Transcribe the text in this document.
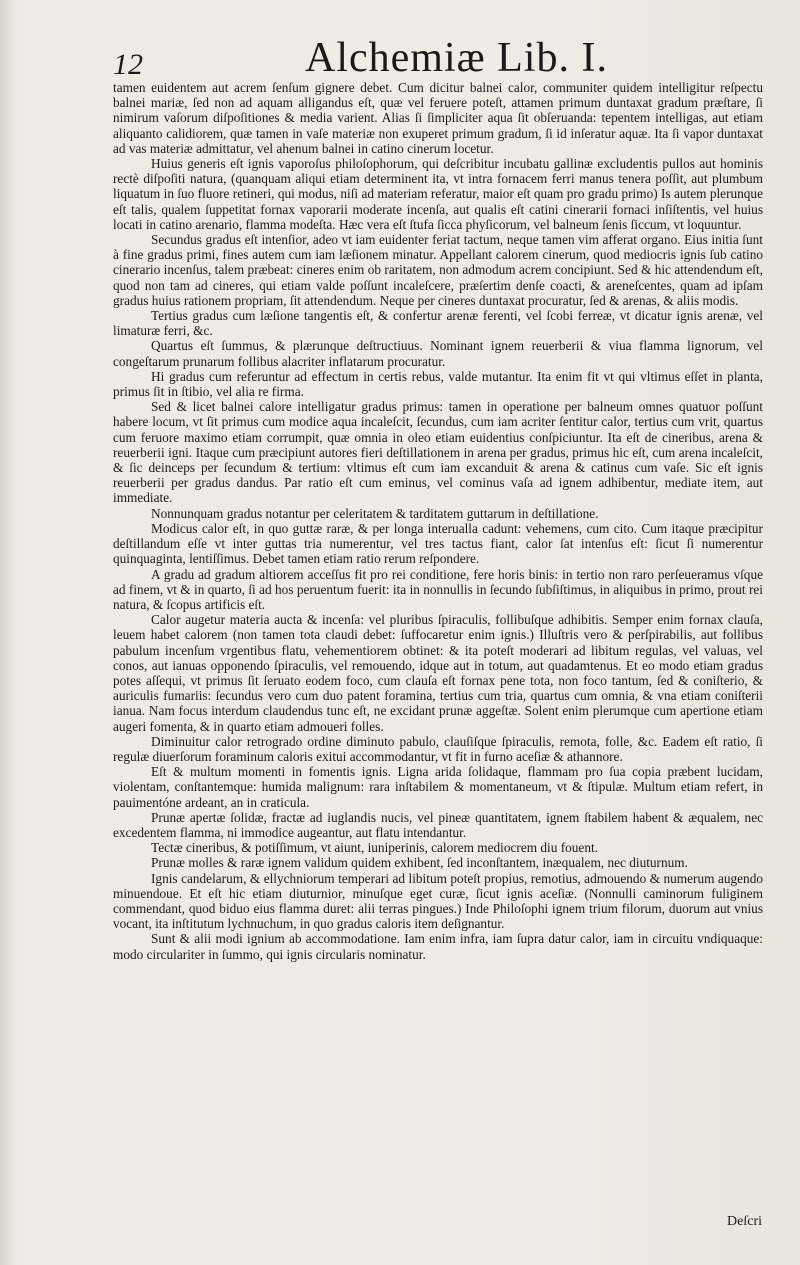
12	Alchemiæ Lib. I.

tamen euidentem aut acrem ſenſum gignere debet. Cum dicitur balnei calor, communiter quidem intelligitur reſpectu balnei mariæ, ſed non ad aquam alligandus eſt, quæ vel feruere poteſt, attamen primum duntaxat gradum præſtare, ſi nimirum vaſorum diſpoſitiones & media varient. Alias ſi ſimpliciter aqua ſit obſeruanda: tepentem intelligas, aut etiam aliquanto calidiorem, quæ tamen in vaſe materiæ non exuperet primum gradum, ſi id inſeratur aquæ. Ita ſi vapor duntaxat ad vas materiæ admittatur, vel ahenum balnei in catino cinerum locetur.

Huius generis eſt ignis vaporoſus philoſophorum, qui deſcribitur incubatu gallinæ excludentis pullos aut hominis rectè diſpoſiti natura, (quanquam aliqui etiam determinent ita, vt intra fornacem ferri manus tenera poſſit, aut plumbum liquatum in ſuo fluore retineri, qui modus, niſi ad materiam referatur, maior eſt quam pro gradu primo) Is autem plerunque eſt talis, qualem ſuppetitat fornax vaporarii moderate incenſa, aut qualis eſt catini cinerarii fornaci inſiſtentis, vel huius locati in catino arenario, flamma modeſta. Hæc vera eſt ſtufa ſicca phyſicorum, vel balneum ſenis ſiccum, vt loquuntur.

Secundus gradus eſt intenſior, adeo vt iam euidenter feriat tactum, neque tamen vim afferat organo. Eius initia ſunt à fine gradus primi, fines autem cum iam læſionem minatur. Appellant calorem cinerum, quod mediocris ignis ſub catino cinerario incenſus, talem præbeat: cineres enim ob raritatem, non admodum acrem concipiunt. Sed & hic attendendum eſt, quod non tam ad cineres, qui etiam valde poſſunt incaleſcere, præſertim denſe coacti, & areneſcentes, quam ad ipſam gradus huius rationem propriam, ſit attendendum. Neque per cineres duntaxat procuratur, ſed & arenas, & aliis modis.

Tertius gradus cum læſione tangentis eſt, & confertur arenæ ferenti, vel ſcobi ferreæ, vt dicatur ignis arenæ, vel limaturæ ferri, &c.

Quartus eſt ſummus, & plærunque deſtructiuus. Nominant ignem reuerberii & viua flamma lignorum, vel congeſtarum prunarum follibus alacriter inflatarum procuratur.

Hi gradus cum referuntur ad effectum in certis rebus, valde mutantur. Ita enim fit vt qui vltimus eſſet in planta, primus ſit in ſtibio, vel alia re firma.

Sed & licet balnei calore intelligatur gradus primus: tamen in operatione per balneum omnes quatuor poſſunt habere locum, vt ſit primus cum modice aqua incaleſcit, ſecundus, cum iam acriter ſentitur calor, tertius cum vrit, quartus cum feruore maximo etiam corrumpit, quæ omnia in oleo etiam euidentius conſpiciuntur. Ita eſt de cineribus, arena & reuerberii igni. Itaque cum præcipiunt autores fieri deſtillationem in arena per gradus, primus hic eſt, cum arena incaleſcit, & ſic deinceps per ſecundum & tertium: vltimus eſt cum iam excanduit & arena & catinus cum vaſe. Sic eſt ignis reuerberii per gradus dandus. Par ratio eſt cum eminus, vel cominus vaſa ad ignem adhibentur, mediate item, aut immediate.

Nonnunquam gradus notantur per celeritatem & tarditatem guttarum in deſtillatione.

Modicus calor eſt, in quo guttæ raræ, & per longa interualla cadunt: vehemens, cum cito. Cum itaque præcipitur deſtillandum eſſe vt inter guttas tria numerentur, vel tres tactus fiant, calor ſat intenſus eſt: ſicut ſi numerentur quinquaginta, lentiſſimus. Debet tamen etiam ratio rerum reſpondere.

A gradu ad gradum altiorem acceſſus fit pro rei conditione, fere horis binis: in tertio non raro perſeueramus vſque ad finem, vt & in quarto, ſi ad hos peruentum fuerit: ita in nonnullis in ſecundo ſubſiſtimus, in aliquibus in primo, prout rei natura, & ſcopus artificis eſt.

Calor augetur materia aucta & incenſa: vel pluribus ſpiraculis, follibuſque adhibitis. Semper enim fornax clauſa, leuem habet calorem (non tamen tota claudi debet: ſuffocaretur enim ignis.) Illuſtris vero & perſpirabilis, aut follibus pabulum incenſum vrgentibus flatu, vehementiorem obtinet: & ita poteſt moderari ad libitum regulas, vel valuas, vel conos, aut ianuas opponendo ſpiraculis, vel remouendo, idque aut in totum, aut quadamtenus. Et eo modo etiam gradus potes aſſequi, vt primus ſit ſeruato eodem foco, cum clauſa eſt fornax pene tota, non foco tantum, ſed & coniſterio, & auriculis fumariis: ſecundus vero cum duo patent foramina, tertius cum tria, quartus cum omnia, & vna etiam coniſterii ianua. Nam focus interdum claudendus tunc eſt, ne excidant prunæ aggeſtæ. Solent enim plerumque cum apertione etiam augeri fomenta, & in quarto etiam admoueri folles.

Diminuitur calor retrogrado ordine diminuto pabulo, clauſiſque ſpiraculis, remota, folle, &c. Eadem eſt ratio, ſi regulæ diuerſorum foraminum caloris exitui accommodantur, vt fit in furno aceſiæ & athannore.

Eſt & multum momenti in fomentis ignis. Ligna arida ſolidaque, flammam pro ſua copia præbent lucidam, violentam, conſtantemque: humida malignum: rara inſtabilem & momentaneum, vt & ſtipulæ. Multum etiam refert, in pauimentóne ardeant, an in craticula.

Prunæ apertæ ſolidæ, fractæ ad iuglandis nucis, vel pineæ quantitatem, ignem ſtabilem habent & æqualem, nec excedentem flamma, ni immodice augeantur, aut flatu intendantur.

Tectæ cineribus, & potiſſimum, vt aiunt, iuniperinis, calorem mediocrem diu fouent.

Prunæ molles & raræ ignem validum quidem exhibent, ſed inconſtantem, inæqualem, nec diuturnum.

Ignis candelarum, & ellychniorum temperari ad libitum poteſt propius, remotius, admouendo & numerum augendo minuendoue. Et eſt hic etiam diuturnior, minuſque eget curæ, ſicut ignis aceſiæ. (Nonnulli caminorum fuliginem commendant, quod biduo eius flamma duret: alii terras pingues.) Inde Philoſophi ignem trium filorum, duorum aut vnius vocant, ita inſtitutum lychnuchum, in quo gradus caloris item deſignantur.

Sunt & alii modi ignium ab accommodatione. Iam enim infra, iam ſupra datur calor, iam in circuitu vndiquaque: modo circulariter in ſummo, qui ignis circularis nominatur.

Deſcri
